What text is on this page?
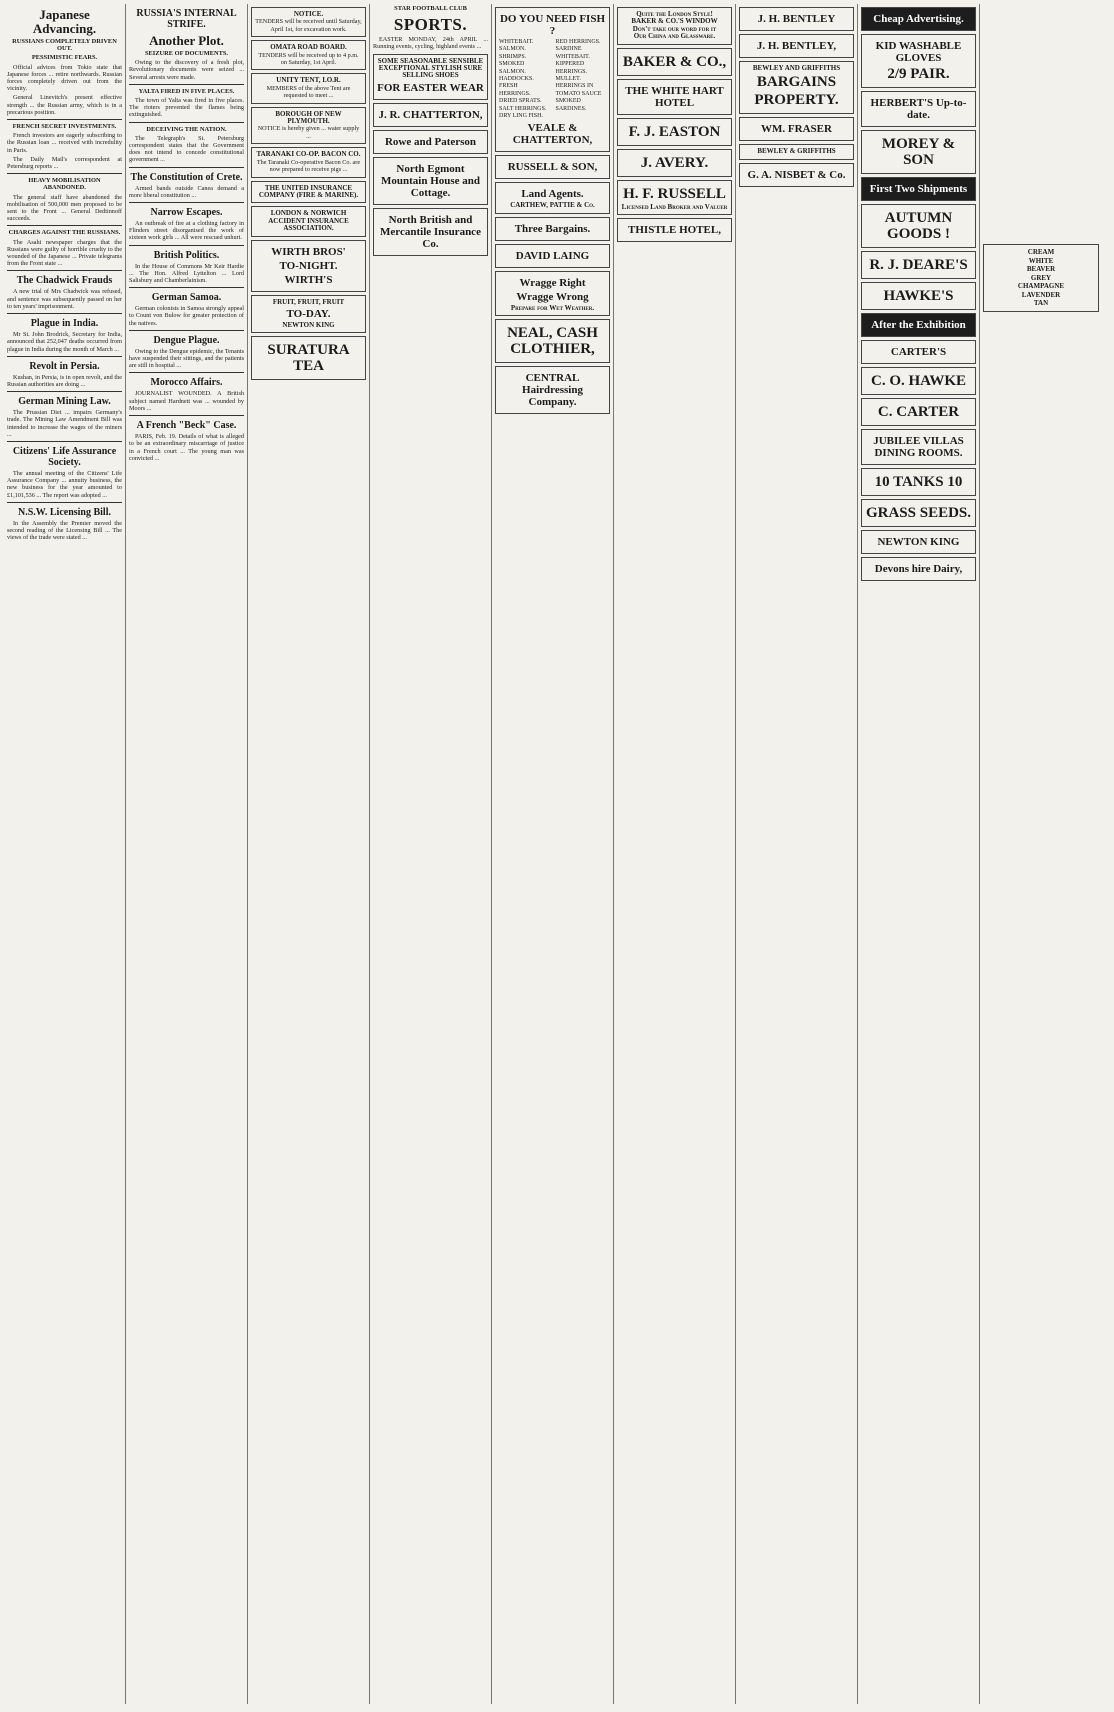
Japanese Advancing.
RUSSIANS COMPLETELY DRIVEN OUT.
PESSIMISTIC FEARS.

Official advices from Tokio state that Japanese forces ... retire northwards. Russian forces completely driven out from the vicinity.

General Linevitch's present effective strength ... the Russian army, which is in a precarious position.

FRENCH SECRET INVESTMENTS.

French investors are eagerly subscribing to the Russian loan ... received with incredulity in Paris.

The Daily Mail's correspondent at Petersburg reports ...

HEAVY MOBILISATION ABANDONED.

The general staff have abandoned the mobilisation of 500,000 men proposed to be sent to the Front ... General Dedtinnoff succeeds.

CHARGES AGAINST THE RUSSIANS.

The Asahi newspaper charges that the Russians were guilty of horrible cruelty to the wounded of the Japanese ... Private telegrams from the Front state ...

The Chadwick Frauds

A new trial of Mrs Chadwick was refused, and sentence was subsequently passed on her to ten years' imprisonment.

Plague in India.

Mr St. John Brodrick, Secretary for India, announced that 252,047 deaths occurred from plague in India during the month of March ...

Revolt in Persia.

Kushan, in Persia, is in open revolt, and the Russian authorities are doing ...

German Mining Law.

The Prussian Diet ... impairs Germany's trade. The Mining Law Amendment Bill was intended to increase the wages of the miners ...

Citizens' Life Assurance Society.

The annual meeting of the Citizens' Life Assurance Company ... annuity business, the new business for the year amounted to £1,101,536 ... The report was adopted ...

N.S.W. Licensing Bill.

In the Assembly the Premier moved the second reading of the Licensing Bill ... The views of the trade were stated ...

RUSSIA'S INTERNAL STRIFE.
Another Plot.
SEIZURE OF DOCUMENTS.

Owing to the discovery of a fresh plot, Revolutionary documents were seized ... Several arrests were made.

YALTA FIRED IN FIVE PLACES.

The town of Yalta was fired in five places. The rioters prevented the flames being extinguished.

DECEIVING THE NATION.

The Telegraph's St. Petersburg correspondent states that the Government does not intend to concede constitutional government ...

The Constitution of Crete.

Armed bands outside Canea demand a more liberal constitution ...

Narrow Escapes.

An outbreak of fire at a clothing factory in Flinders street disorganised the work of sixteen work girls ... All were rescued unhurt.

British Politics.

In the House of Commons Mr Keir Hardie ... The Hon. Alfred Lyttelton ... Lord Salisbury and Chamberlainism.

German Samoa.

German colonists in Samoa strongly appeal to Count von Bulow for greater protection of the natives.

Dengue Plague.

Owing to the Dengue epidemic, the Tenants have suspended their sittings, and the patients are still in hospital ...

Morocco Affairs.

JOURNALIST WOUNDED. A British subject named Hardnett was ... wounded by Moors ...

A French "Beck" Case.

PARIS, Feb. 19. Details of what is alleged to be an extraordinary miscarriage of justice in a French court ... The young man was convicted ...

NOTICE.
TENDERS will be received until Saturday, April 1st, for excavation work.
OMATA ROAD BOARD.
TENDERS will be received up to 4 p.m. on Saturday, 1st April.
UNITY TENT, I.O.R.
MEMBERS of the above Tent are requested to meet ...
BOROUGH OF NEW PLYMOUTH.
NOTICE is hereby given ... water supply ...
TARANAKI CO-OP. BACON CO.
The Taranaki Co-operative Bacon Co. are now prepared to receive pigs ...
THE UNITED INSURANCE COMPANY (FIRE & MARINE).
LONDON & NORWICH ACCIDENT INSURANCE ASSOCIATION.
WIRTH BROS'
TO-NIGHT.
WIRTH'S
FRUIT, FRUIT, FRUIT
TO-DAY.
NEWTON KING
SURATURA TEA
STAR FOOTBALL CLUB
SPORTS.

EASTER MONDAY, 24th APRIL ... Running events, cycling, highland events ...

SOME SEASONABLE SENSIBLE EXCEPTIONAL STYLISH SURE SELLING SHOES
FOR EASTER WEAR
J. R. CHATTERTON,
Rowe and Paterson
North Egmont Mountain House and Cottage.
North British and Mercantile Insurance Co.
DO YOU NEED FISH ?
WHITEBAIT.
SALMON.
SHRIMPS.
SMOKED SALMON.
HADDOCKS.
FRESH HERRINGS.
DRIED SPRATS.
SALT HERRINGS.
DRY LING FISH.
RED HERRINGS.
SARDINE WHITEBAIT.
KIPPERED HERRINGS.
MULLET.
HERRINGS IN TOMATO SAUCE
SMOKED SARDINES.
VEALE & CHATTERTON,
RUSSELL & SON,
Land Agents.
CARTHEW, PATTIE & Co.
Three Bargains.
DAVID LAING
Wragge Right
Wragge Wrong
Prepare for Wet Weather.
NEAL, CASH CLOTHIER,
CENTRAL Hairdressing Company.
Quite the London Style!
BAKER & CO.'S WINDOW
Don't take our word for it
Our China and Glassware.
BAKER & CO.,
THE WHITE HART HOTEL
F. J. EASTON
J. AVERY.
H. F. RUSSELL
Licensed Land Broker and Valuer
THISTLE HOTEL,
J. H. BENTLEY
J. H. BENTLEY,
BEWLEY AND GRIFFITHS
BARGAINS
PROPERTY.
WM. FRASER
BEWLEY & GRIFFITHS
G. A. NISBET & Co.
Cheap Advertising.
KID WASHABLE GLOVES
2/9 PAIR.
HERBERT'S Up-to-date.
MOREY & SON
First Two Shipments
AUTUMN GOODS !
R. J. DEARE'S
HAWKE'S
After the Exhibition
CARTER'S
C. O. HAWKE
C. CARTER
JUBILEE VILLAS DINING ROOMS.
10 TANKS 10
GRASS SEEDS.
NEWTON KING
Devons hire Dairy,
CREAM
WHITE
BEAVER
GREY
CHAMPAGNE
LAVENDER
TAN
